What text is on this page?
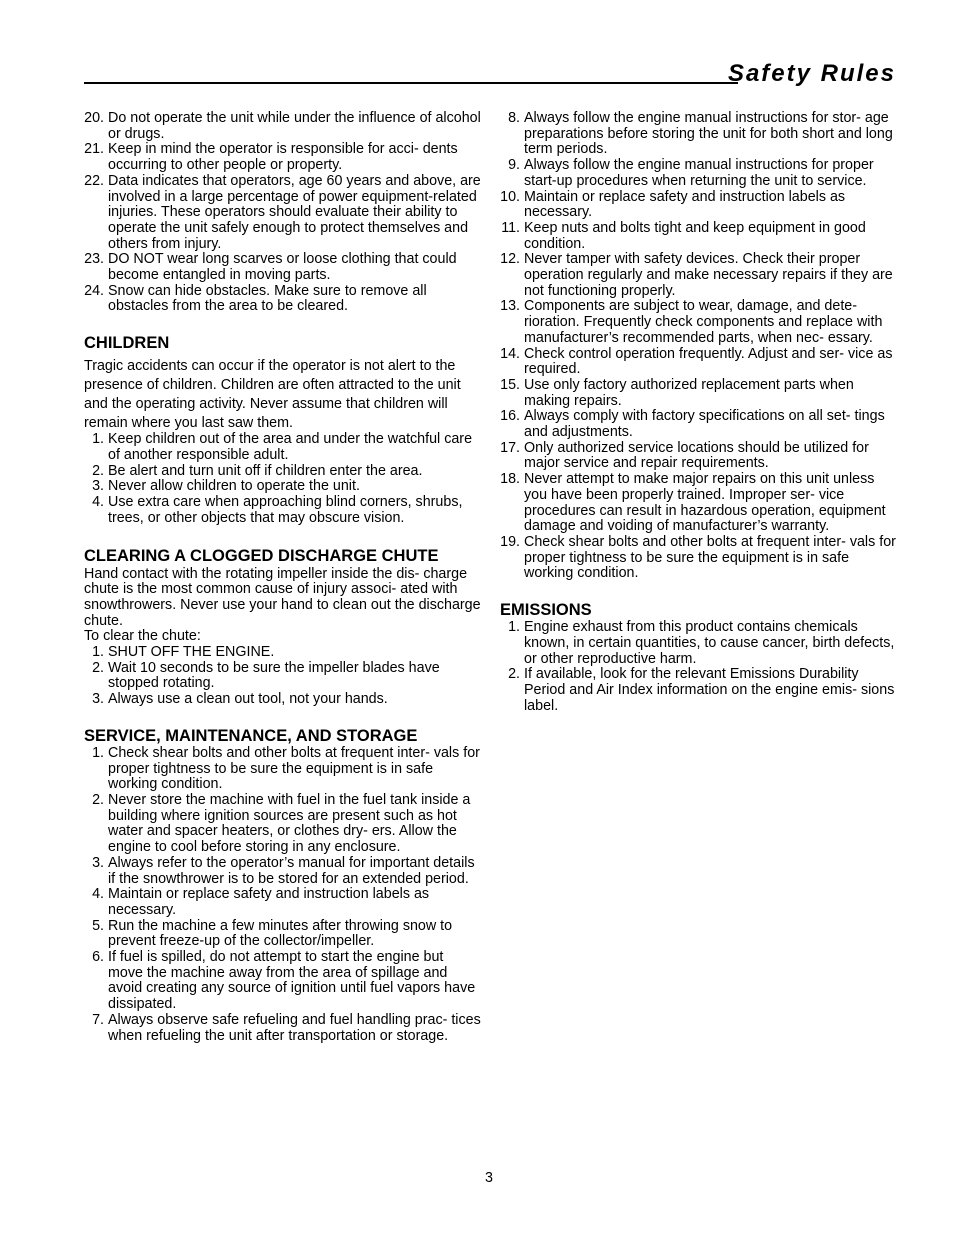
Safety Rules
20. Do not operate the unit while under the influence of alcohol or drugs.
21. Keep in mind the operator is responsible for acci- dents occurring to other people or property.
22. Data indicates that operators, age 60 years and above, are involved in a large percentage of power equipment-related injuries. These operators should evaluate their ability to operate the unit safely enough to protect themselves and others from injury.
23. DO NOT wear long scarves or loose clothing that could become entangled in moving parts.
24. Snow can hide obstacles. Make sure to remove all obstacles from the area to be cleared.
CHILDREN

Tragic accidents can occur if the operator is not alert to the presence of children. Children are often attracted to the unit and the operating activity. Never assume that children will remain where you last saw them.

1. Keep children out of the area and under the watchful care of another responsible adult.
2. Be alert and turn unit off if children enter the area.
3. Never allow children to operate the unit.
4. Use extra care when approaching blind corners, shrubs, trees, or other objects that may obscure vision.
CLEARING A CLOGGED DISCHARGE CHUTE

Hand contact with the rotating impeller inside the dis- charge chute is the most common cause of injury associ- ated with snowthrowers. Never use your hand to clean out the discharge chute.

To clear the chute:

1. SHUT OFF THE ENGINE.
2. Wait 10 seconds to be sure the impeller blades have stopped rotating.
3. Always use a clean out tool, not your hands.
SERVICE, MAINTENANCE, AND STORAGE
1. Check shear bolts and other bolts at frequent inter- vals for proper tightness to be sure the equipment is in safe working condition.
2. Never store the machine with fuel in the fuel tank inside a building where ignition sources are present such as hot water and spacer heaters, or clothes dry- ers. Allow the engine to cool before storing in any enclosure.
3. Always refer to the operator’s manual for important details if the snowthrower is to be stored for an extended period.
4. Maintain or replace safety and instruction labels as necessary.
5. Run the machine a few minutes after throwing snow to prevent freeze-up of the collector/impeller.
6. If fuel is spilled, do not attempt to start the engine but move the machine away from the area of spillage and avoid creating any source of ignition until fuel vapors have dissipated.
7. Always observe safe refueling and fuel handling prac- tices when refueling the unit after transportation or storage.
8. Always follow the engine manual instructions for stor- age preparations before storing the unit for both short and long term periods.
9. Always follow the engine manual instructions for proper start-up procedures when returning the unit to service.
10. Maintain or replace safety and instruction labels as necessary.
11. Keep nuts and bolts tight and keep equipment in good condition.
12. Never tamper with safety devices. Check their proper operation regularly and make necessary repairs if they are not functioning properly.
13. Components are subject to wear, damage, and dete- rioration. Frequently check components and replace with manufacturer’s recommended parts, when nec- essary.
14. Check control operation frequently. Adjust and ser- vice as required.
15. Use only factory authorized replacement parts when making repairs.
16. Always comply with factory specifications on all set- tings and adjustments.
17. Only authorized service locations should be utilized for major service and repair requirements.
18. Never attempt to make major repairs on this unit unless you have been properly trained. Improper ser- vice procedures can result in hazardous operation, equipment damage and voiding of manufacturer’s warranty.
19. Check shear bolts and other bolts at frequent inter- vals for proper tightness to be sure the equipment is in safe working condition.
EMISSIONS
1. Engine exhaust from this product contains chemicals known, in certain quantities, to cause cancer, birth defects, or other reproductive harm.
2. If available, look for the relevant Emissions Durability Period and Air Index information on the engine emis- sions label.
3
